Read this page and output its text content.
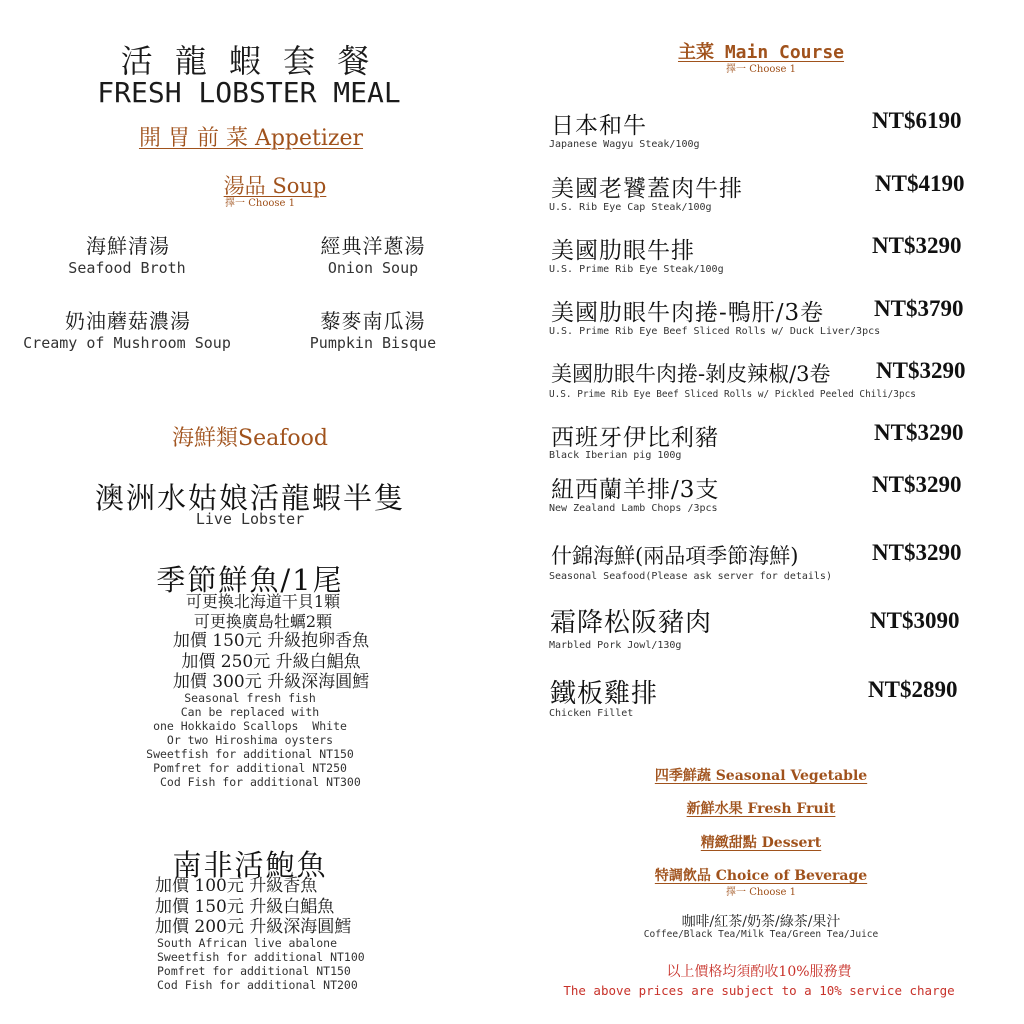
活 龍 蝦 套 餐
FRESH LOBSTER MEAL
開 胃 前 菜 Appetizer
湯品 Soup
擇一 Choose 1
海鮮清湯
Seafood Broth
經典洋蔥湯
Onion Soup
奶油蘑菇濃湯
Creamy of Mushroom Soup
藜麥南瓜湯
Pumpkin Bisque
海鮮類Seafood
澳洲水姑娘活龍蝦半隻
Live Lobster
季節鮮魚/1尾
可更換北海道干貝1顆
可更換廣島牡蠣2顆
加價 150元 升級抱卵香魚
加價 250元 升級白鯧魚
加價 300元 升級深海圓鱈
Seasonal fresh fish
Can be replaced with
one Hokkaido Scallops  White
Or two Hiroshima oysters
Sweetfish for additional NT150
Pomfret for additional NT250
Cod Fish for additional NT300
南非活鮑魚
加價 100元 升級香魚
加價 150元 升級白鯧魚
加價 200元 升級深海圓鱈
South African live abalone
Sweetfish for additional NT100
Pomfret for additional NT150
Cod Fish for additional NT200
主菜 Main Course
擇一 Choose 1
日本和牛
Japanese Wagyu Steak/100g
NT$6190
美國老饕蓋肉牛排
U.S. Rib Eye Cap Steak/100g
NT$4190
美國肋眼牛排
U.S. Prime Rib Eye Steak/100g
NT$3290
美國肋眼牛肉捲-鴨肝/3卷
U.S. Prime Rib Eye Beef Sliced Rolls w/ Duck Liver/3pcs
NT$3790
美國肋眼牛肉捲-剝皮辣椒/3卷
U.S. Prime Rib Eye Beef Sliced Rolls w/ Pickled Peeled Chili/3pcs
NT$3290
西班牙伊比利豬
Black Iberian pig 100g
NT$3290
紐西蘭羊排/3支
New Zealand Lamb Chops /3pcs
NT$3290
什錦海鮮(兩品項季節海鮮)
Seasonal Seafood(Please ask server for details)
NT$3290
霜降松阪豬肉
Marbled Pork Jowl/130g
NT$3090
鐵板雞排
Chicken Fillet
NT$2890
四季鮮蔬 Seasonal Vegetable
新鮮水果 Fresh Fruit
精緻甜點 Dessert
特調飲品 Choice of Beverage
擇一 Choose 1
咖啡/紅茶/奶茶/綠茶/果汁
Coffee/Black Tea/Milk Tea/Green Tea/Juice
以上價格均須酌收10%服務費
The above prices are subject to a 10% service charge
